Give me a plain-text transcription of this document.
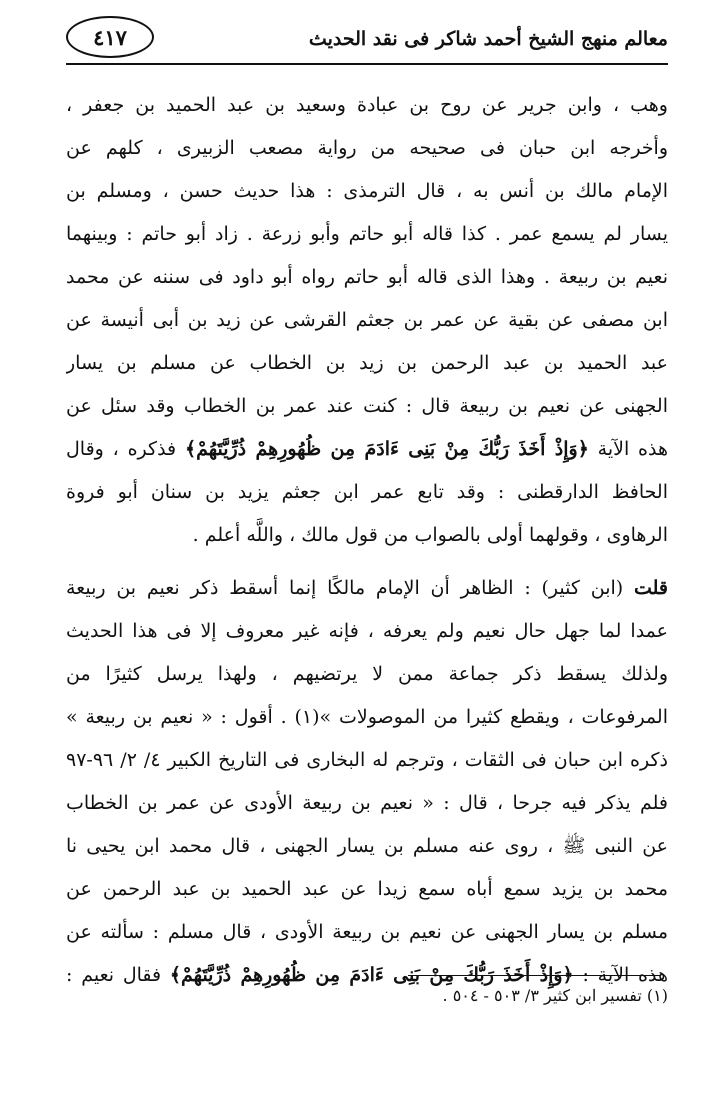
معالم منهج الشيخ أحمد شاكر فى نقد الحديث
٤١٧
وهب ، وابن جرير عن روح بن عبادة وسعيد بن عبد الحميد بن جعفر ،
وأخرجه ابن حبان فى صحيحه من رواية مصعب الزبيرى ، كلهم عن
الإمام مالك بن أنس به ، قال الترمذى : هذا حديث حسن ، ومسلم بن
يسار لم يسمع عمر . كذا قاله أبو حاتم وأبو زرعة . زاد أبو حاتم : وبينهما
نعيم بن ربيعة . وهذا الذى قاله أبو حاتم رواه أبو داود فى سننه عن محمد
ابن مصفى عن بقية عن عمر بن جعثم القرشى عن زيد بن أبى أنيسة عن
عبد الحميد بن عبد الرحمن بن زيد بن الخطاب عن مسلم بن يسار
الجهنى عن نعيم بن ربيعة قال : كنت عند عمر بن الخطاب وقد سئل عن
هذه الآية ﴿وَإِذْ أَخَذَ رَبُّكَ مِنْ بَنِى ءَادَمَ مِن ظُهُورِهِمْ ذُرِّيَّتَهُمْ﴾ فذكره ، وقال
الحافظ الدارقطنى : وقد تابع عمر ابن جعثم يزيد بن سنان أبو فروة
الرهاوى ، وقولهما أولى بالصواب من قول مالك ، واللَّه أعلم .
قلت (ابن كثير) : الظاهر أن الإمام مالكًا إنما أسقط ذكر نعيم بن ربيعة
عمدا لما جهل حال نعيم ولم يعرفه ، فإنه غير معروف إلا فى هذا الحديث
ولذلك يسقط ذكر جماعة ممن لا يرتضيهم ، ولهذا يرسل كثيرًا من
المرفوعات ، ويقطع كثيرا من الموصولات »(١) . أقول : « نعيم بن ربيعة »
ذكره ابن حبان فى الثقات ، وترجم له البخارى فى التاريخ الكبير ٤/ ٢/ ٩٦-٩٧
فلم يذكر فيه جرحا ، قال : « نعيم بن ربيعة الأودى عن عمر بن الخطاب
عن النبى ﷺ ، روى عنه مسلم بن يسار الجهنى ، قال محمد ابن يحيى نا
محمد بن يزيد سمع أباه سمع زيدا عن عبد الحميد بن عبد الرحمن عن
مسلم بن يسار الجهنى عن نعيم بن ربيعة الأودى ، قال مسلم : سألته عن
هذه الآية : ﴿وَإِذْ أَخَذَ رَبُّكَ مِنْ بَنِى ءَادَمَ مِن ظُهُورِهِمْ ذُرِّيَّتَهُمْ﴾ فقال نعيم :
(١) تفسير ابن كثير ٣/ ٥٠٣ - ٥٠٤ .
